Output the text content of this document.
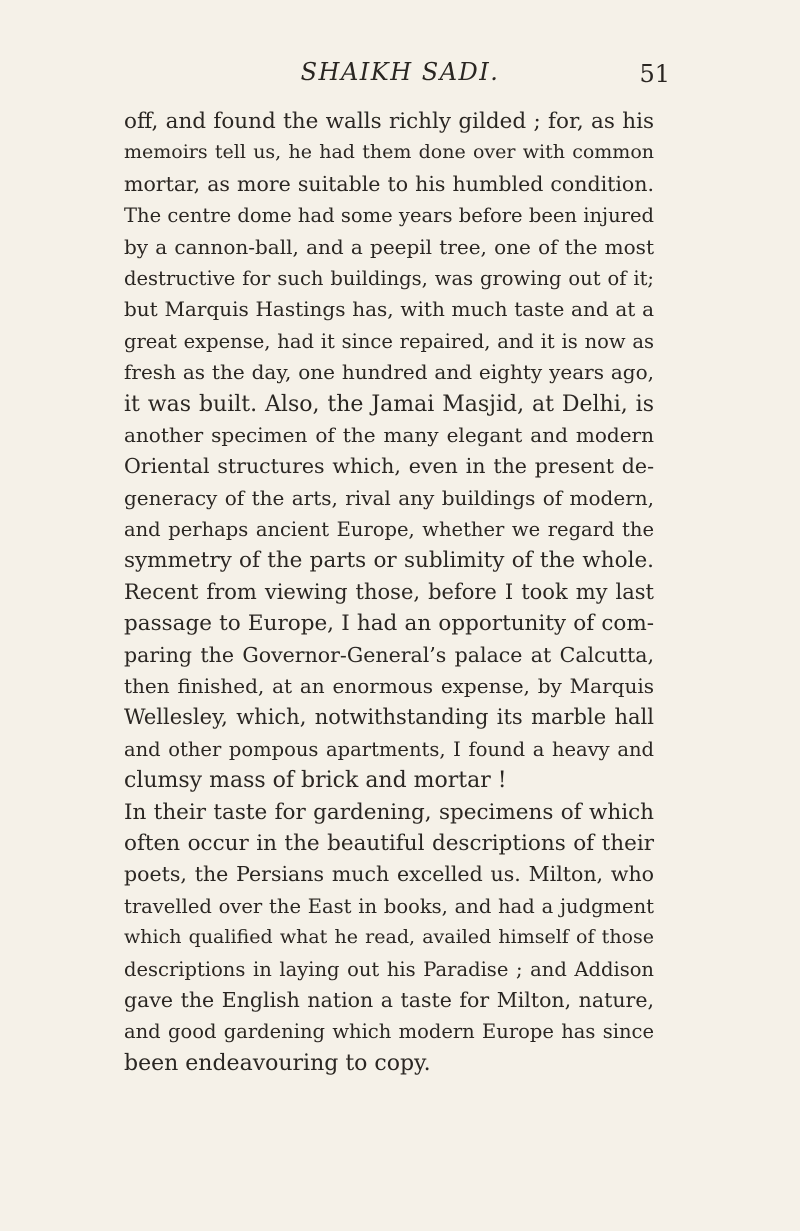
SHAIKH SADI.	51
off, and found the walls richly gilded ; for, as his
memoirs tell us, he had them done over with common
mortar, as more suitable to his humbled condition.
The centre dome had some years before been injured
by a cannon-ball, and a peepil tree, one of the most
destructive for such buildings, was growing out of it;
but Marquis Hastings has, with much taste and at a
great expense, had it since repaired, and it is now as
fresh as the day, one hundred and eighty years ago,
it was built. Also, the Jamai Masjid, at Delhi, is
another specimen of the many elegant and modern
Oriental structures which, even in the present de-
generacy of the arts, rival any buildings of modern,
and perhaps ancient Europe, whether we regard the
symmetry of the parts or sublimity of the whole.
Recent from viewing those, before I took my last
passage to Europe, I had an opportunity of com-
paring the Governor-General’s palace at Calcutta,
then finished, at an enormous expense, by Marquis
Wellesley, which, notwithstanding its marble hall
and other pompous apartments, I found a heavy and
clumsy mass of brick and mortar !
In their taste for gardening, specimens of which
often occur in the beautiful descriptions of their
poets, the Persians much excelled us. Milton, who
travelled over the East in books, and had a judgment
which qualified what he read, availed himself of those
descriptions in laying out his Paradise ; and Addison
gave the English nation a taste for Milton, nature,
and good gardening which modern Europe has since
been endeavouring to copy.
